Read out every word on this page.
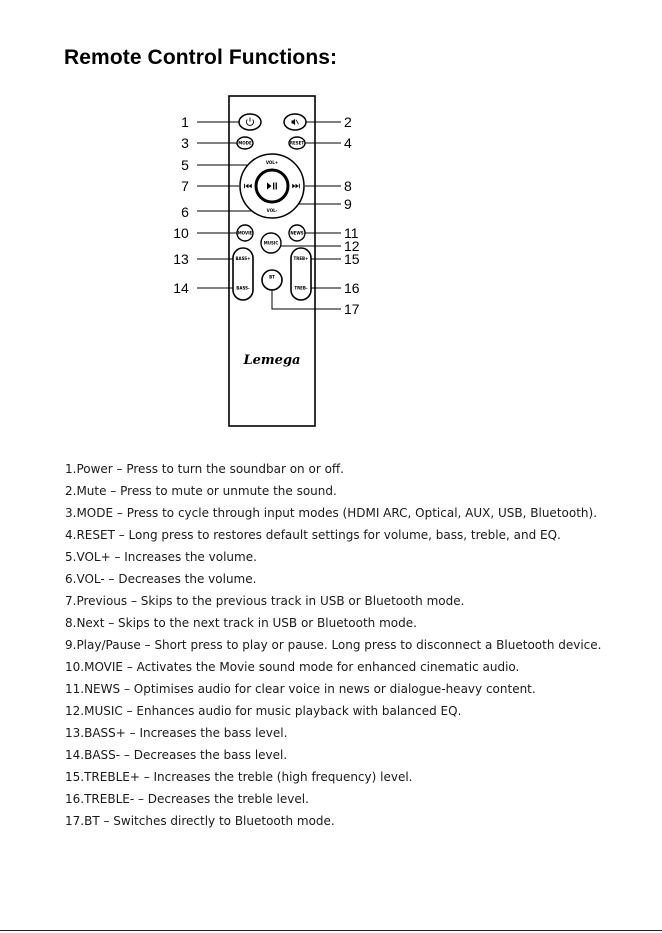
Remote Control Functions:
MODE	RESET
VOL+
VOL-
MOVIE	NEWS
MUSIC
BASS+
BASS-
TREB+
TREB-
BT
Lemega
1
3
5
7
6
10
13
14
2
4
8
9
11
12
15
16
17
1.Power – Press to turn the soundbar on or off.
2.Mute – Press to mute or unmute the sound.
3.MODE – Press to cycle through input modes (HDMI ARC, Optical, AUX, USB, Bluetooth).
4.RESET – Long press to restores default settings for volume, bass, treble, and EQ.
5.VOL+ – Increases the volume.
6.VOL- – Decreases the volume.
7.Previous – Skips to the previous track in USB or Bluetooth mode.
8.Next – Skips to the next track in USB or Bluetooth mode.
9.Play/Pause – Short press to play or pause. Long press to disconnect a Bluetooth device.
10.MOVIE – Activates the Movie sound mode for enhanced cinematic audio.
11.NEWS – Optimises audio for clear voice in news or dialogue-heavy content.
12.MUSIC – Enhances audio for music playback with balanced EQ.
13.BASS+ – Increases the bass level.
14.BASS- – Decreases the bass level.
15.TREBLE+ – Increases the treble (high frequency) level.
16.TREBLE- – Decreases the treble level.
17.BT – Switches directly to Bluetooth mode.
